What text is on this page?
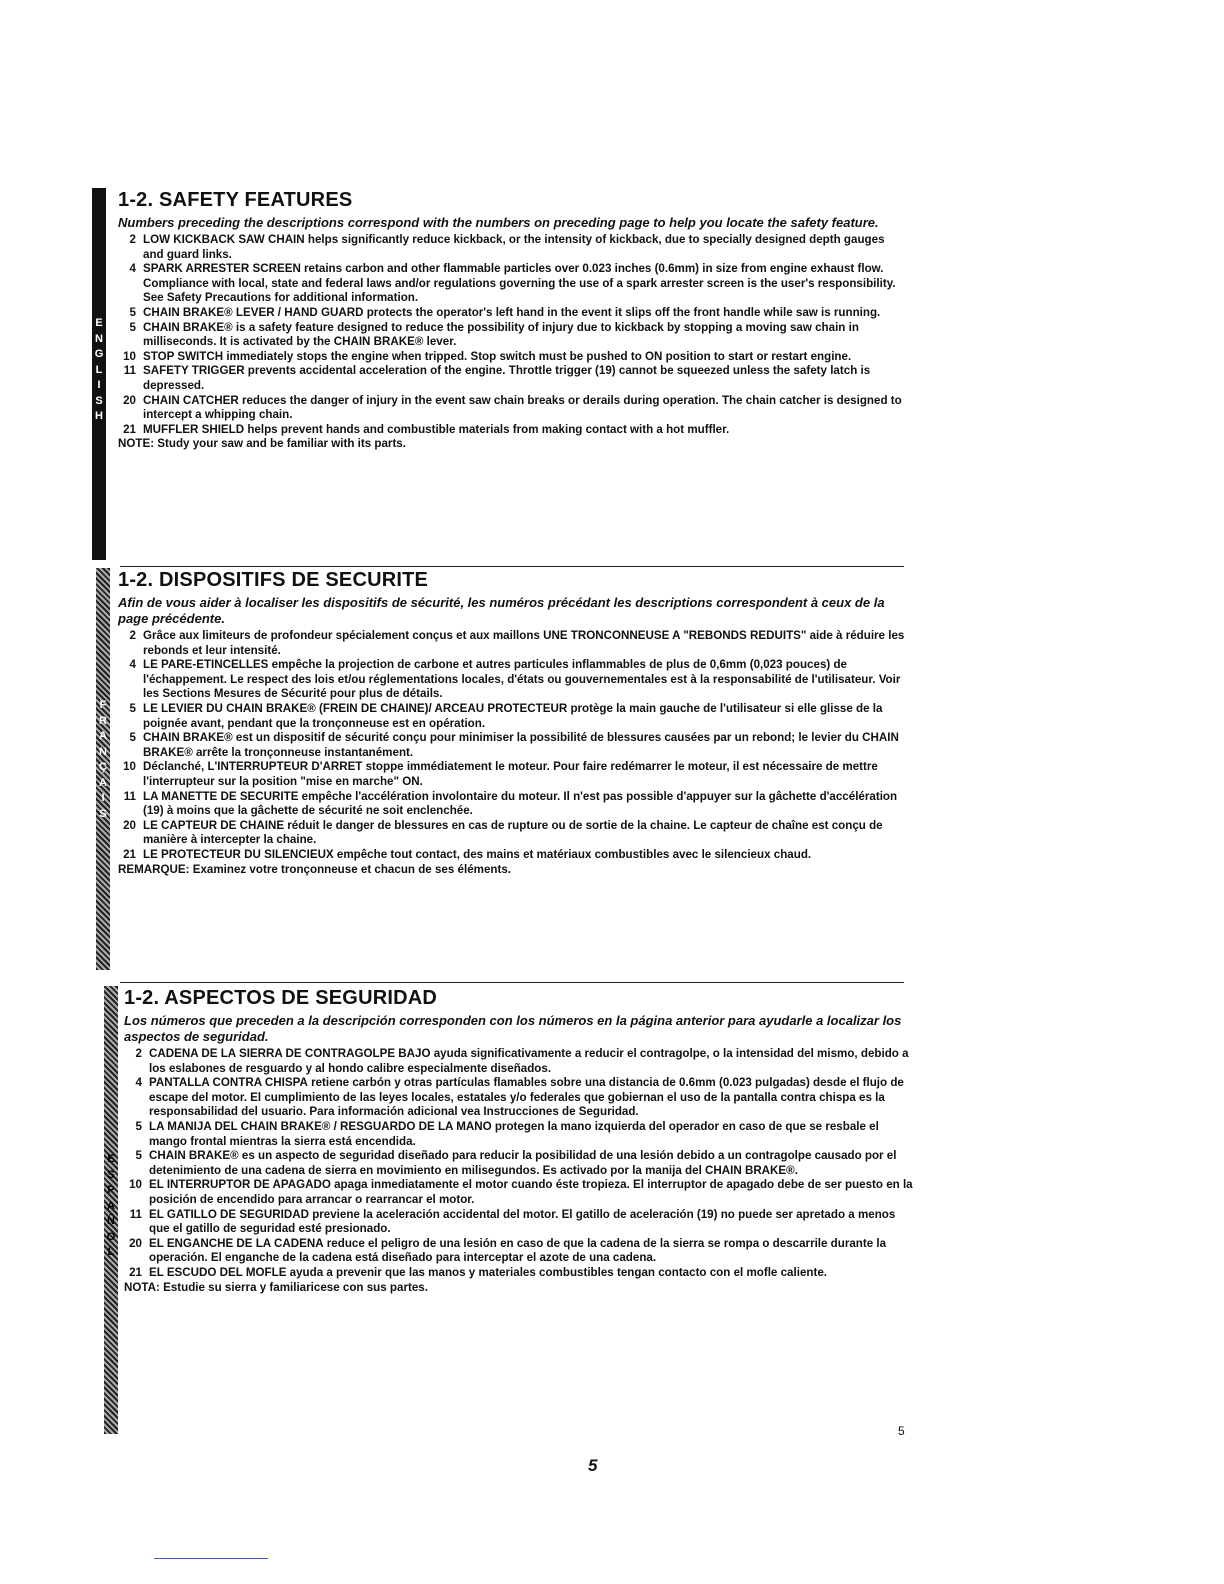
E
N
G
L
I
S
H
1-2. SAFETY FEATURES
Numbers preceding the descriptions correspond with the numbers on preceding page to help you locate the safety feature.
2 LOW KICKBACK SAW CHAIN helps significantly reduce kickback, or the intensity of kickback, due to specially designed depth gauges and guard links.
4 SPARK ARRESTER SCREEN retains carbon and other flammable particles over 0.023 inches (0.6mm) in size from engine exhaust flow. Compliance with local, state and federal laws and/or regulations governing the use of a spark arrester screen is the user's responsibility. See Safety Precautions for additional information.
5 CHAIN BRAKE® LEVER / HAND GUARD protects the operator's left hand in the event it slips off the front handle while saw is running.
5 CHAIN BRAKE® is a safety feature designed to reduce the possibility of injury due to kickback by stopping a moving saw chain in milliseconds. It is activated by the CHAIN BRAKE® lever.
10 STOP SWITCH immediately stops the engine when tripped. Stop switch must be pushed to ON position to start or restart engine.
11 SAFETY TRIGGER prevents accidental acceleration of the engine. Throttle trigger (19) cannot be squeezed unless the safety latch is depressed.
20 CHAIN CATCHER reduces the danger of injury in the event saw chain breaks or derails during operation. The chain catcher is designed to intercept a whipping chain.
21 MUFFLER SHIELD helps prevent hands and combustible materials from making contact with a hot muffler.
NOTE: Study your saw and be familiar with its parts.
F
R
A
N
Ç
A
I
S
1-2. DISPOSITIFS DE SECURITE
Afin de vous aider à localiser les dispositifs de sécurité, les numéros précédant les descriptions correspondent à ceux de la page précédente.
2 Grâce aux limiteurs de profondeur spécialement conçus et aux maillons UNE TRONCONNEUSE A "REBONDS REDUITS" aide à réduire les rebonds et leur intensité.
4 LE PARE-ETINCELLES empêche la projection de carbone et autres particules inflammables de plus de 0,6mm (0,023 pouces) de l'échappement. Le respect des lois et/ou réglementations locales, d'états ou gouvernementales est à la responsabilité de l'utilisateur. Voir les Sections Mesures de Sécurité pour plus de détails.
5 LE LEVIER DU CHAIN BRAKE® (FREIN DE CHAINE)/ ARCEAU PROTECTEUR protège la main gauche de l'utilisateur si elle glisse de la poignée avant, pendant que la tronçonneuse est en opération.
5 CHAIN BRAKE® est un dispositif de sécurité conçu pour minimiser la possibilité de blessures causées par un rebond; le levier du CHAIN BRAKE® arrête la tronçonneuse instantanément.
10 Déclanché, L'INTERRUPTEUR D'ARRET stoppe immédiatement le moteur. Pour faire redémarrer le moteur, il est nécessaire de mettre l'interrupteur sur la position "mise en marche" ON.
11 LA MANETTE DE SECURITE empêche l'accélération involontaire du moteur. Il n'est pas possible d'appuyer sur la gâchette d'accélération (19) à moins que la gâchette de sécurité ne soit enclenchée.
20 LE CAPTEUR DE CHAINE réduit le danger de blessures en cas de rupture ou de sortie de la chaine. Le capteur de chaîne est conçu de manière à intercepter la chaine.
21 LE PROTECTEUR DU SILENCIEUX empêche tout contact, des mains et matériaux combustibles avec le silencieux chaud.
REMARQUE: Examinez votre tronçonneuse et chacun de ses éléments.
E
S
P
A
Ñ
O
L
1-2. ASPECTOS DE SEGURIDAD
Los números que preceden a la descripción corresponden con los números en la página anterior para ayudarle a localizar los aspectos de seguridad.
2 CADENA DE LA SIERRA DE CONTRAGOLPE BAJO ayuda significativamente a reducir el contragolpe, o la intensidad del mismo, debido a los eslabones de resguardo y al hondo calibre especialmente diseñados.
4 PANTALLA CONTRA CHISPA retiene carbón y otras partículas flamables sobre una distancia de 0.6mm (0.023 pulgadas) desde el flujo de escape del motor. El cumplimiento de las leyes locales, estatales y/o federales que gobiernan el uso de la pantalla contra chispa es la responsabilidad del usuario. Para información adicional vea Instrucciones de Seguridad.
5 LA MANIJA DEL CHAIN BRAKE® / RESGUARDO DE LA MANO protegen la mano izquierda del operador en caso de que se resbale el mango frontal mientras la sierra está encendida.
5 CHAIN BRAKE® es un aspecto de seguridad diseñado para reducir la posibilidad de una lesión debido a un contragolpe causado por el detenimiento de una cadena de sierra en movimiento en milisegundos. Es activado por la manija del CHAIN BRAKE®.
10 EL INTERRUPTOR DE APAGADO apaga inmediatamente el motor cuando éste tropieza. El interruptor de apagado debe de ser puesto en la posición de encendido para arrancar o rearrancar el motor.
11 EL GATILLO DE SEGURIDAD previene la aceleración accidental del motor. El gatillo de aceleración (19) no puede ser apretado a menos que el gatillo de seguridad esté presionado.
20 EL ENGANCHE DE LA CADENA reduce el peligro de una lesión en caso de que la cadena de la sierra se rompa o descarrile durante la operación. El enganche de la cadena está diseñado para interceptar el azote de una cadena.
21 EL ESCUDO DEL MOFLE ayuda a prevenir que las manos y materiales combustibles tengan contacto con el mofle caliente.
NOTA: Estudie su sierra y familiaricese con sus partes.
5
5
